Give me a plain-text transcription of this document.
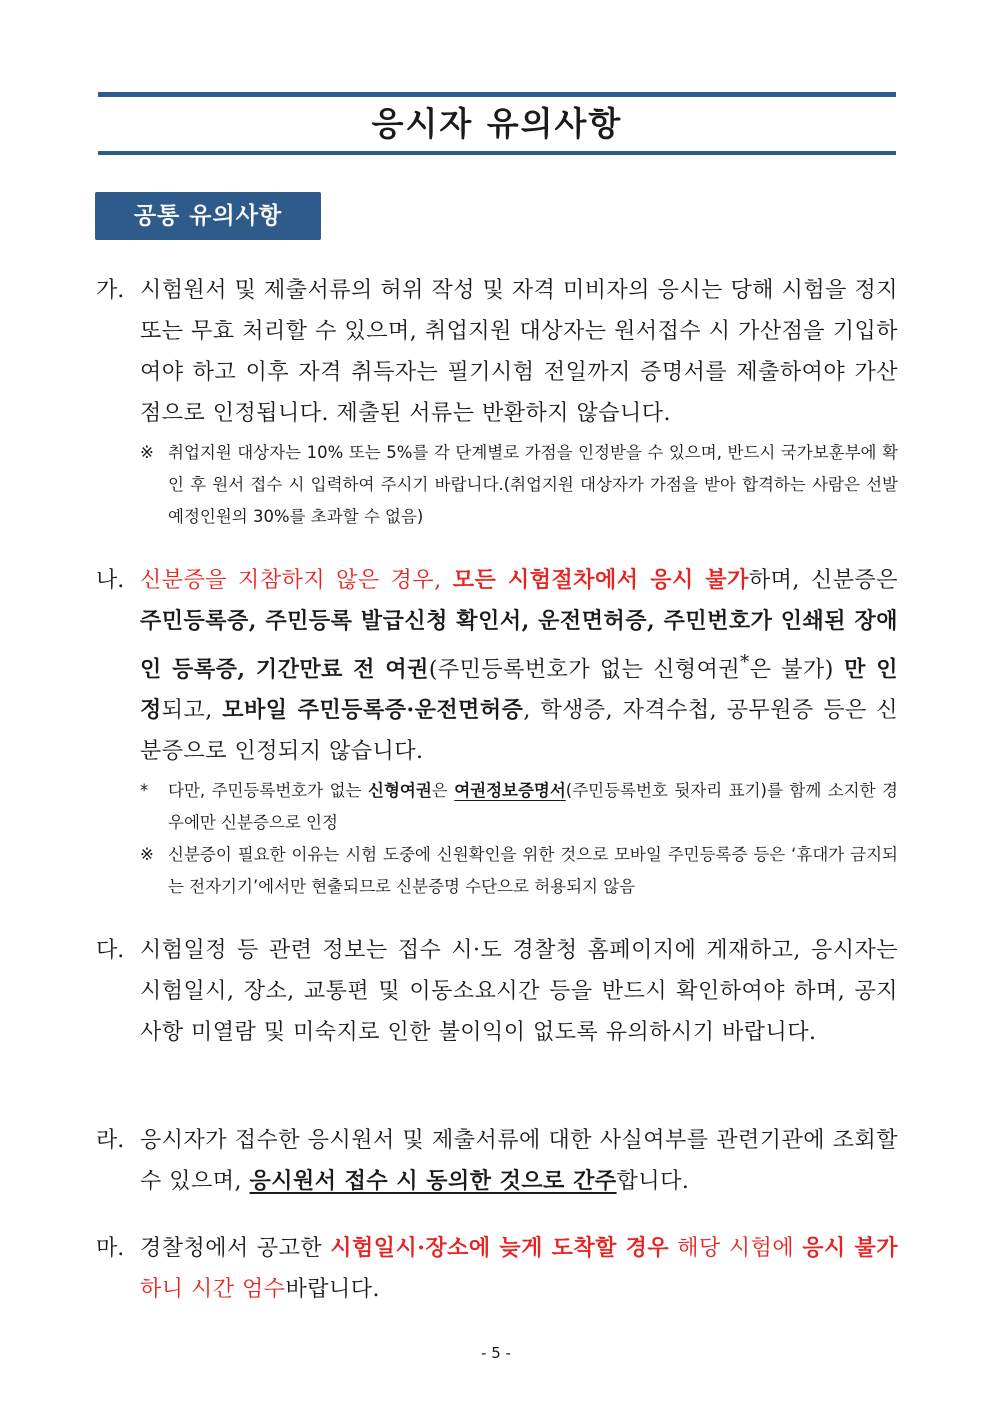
응시자 유의사항
공통 유의사항
가. 시험원서 및 제출서류의 허위 작성 및 자격 미비자의 응시는 당해 시험을 정지 또는 무효 처리할 수 있으며, 취업지원 대상자는 원서접수 시 가산점을 기입하여야 하고 이후 자격 취득자는 필기시험 전일까지 증명서를 제출하여야 가산점으로 인정됩니다. 제출된 서류는 반환하지 않습니다.
※ 취업지원 대상자는 10% 또는 5%를 각 단계별로 가점을 인정받을 수 있으며, 반드시 국가보훈부에 확인 후 원서 접수 시 입력하여 주시기 바랍니다.(취업지원 대상자가 가점을 받아 합격하는 사람은 선발예정인원의 30%를 초과할 수 없음)
나. 신분증을 지참하지 않은 경우, 모든 시험절차에서 응시 불가하며, 신분증은 주민등록증, 주민등록 발급신청 확인서, 운전면허증, 주민번호가 인쇄된 장애인 등록증, 기간만료 전 여권(주민등록번호가 없는 신형여권*은 불가) 만 인정되고, 모바일 주민등록증·운전면허증, 학생증, 자격수첩, 공무원증 등은 신분증으로 인정되지 않습니다.
* 다만, 주민등록번호가 없는 신형여권은 여권정보증명서(주민등록번호 뒷자리 표기)를 함께 소지한 경우에만 신분증으로 인정
※ 신분증이 필요한 이유는 시험 도중에 신원확인을 위한 것으로 모바일 주민등록증 등은 ‘휴대가 금지되는 전자기기’에서만 현출되므로 신분증명 수단으로 허용되지 않음
다. 시험일정 등 관련 정보는 접수 시·도 경찰청 홈페이지에 게재하고, 응시자는 시험일시, 장소, 교통편 및 이동소요시간 등을 반드시 확인하여야 하며, 공지사항 미열람 및 미숙지로 인한 불이익이 없도록 유의하시기 바랍니다.
라. 응시자가 접수한 응시원서 및 제출서류에 대한 사실여부를 관련기관에 조회할 수 있으며, 응시원서 접수 시 동의한 것으로 간주합니다.
마. 경찰청에서 공고한 시험일시·장소에 늦게 도착할 경우 해당 시험에 응시 불가하니 시간 엄수바랍니다.
- 5 -
